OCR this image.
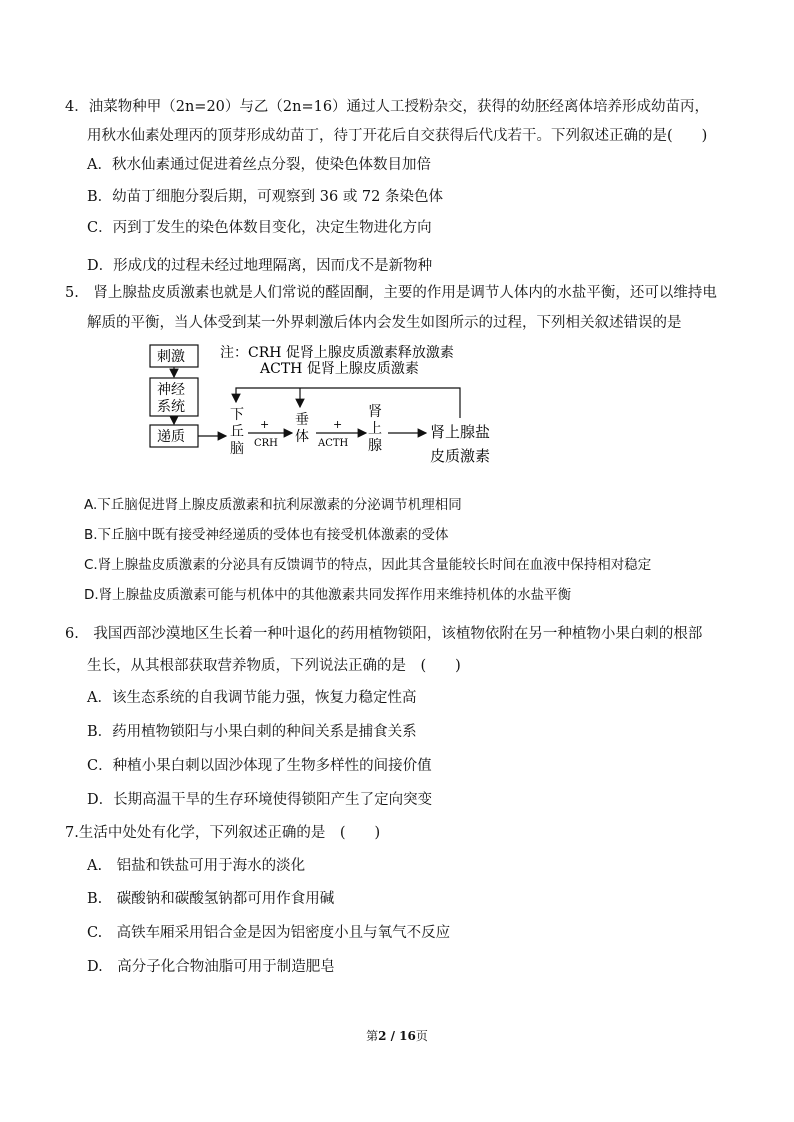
4．油菜物种甲（2n=20）与乙（2n=16）通过人工授粉杂交，获得的幼胚经离体培养形成幼苗丙，
用秋水仙素处理丙的顶芽形成幼苗丁，待丁开花后自交获得后代戊若干。下列叙述正确的是(　　)
A．秋水仙素通过促进着丝点分裂，使染色体数目加倍
B．幼苗丁细胞分裂后期，可观察到 36 或 72 条染色体
C．丙到丁发生的染色体数目变化，决定生物进化方向
D．形成戊的过程未经过地理隔离，因而戊不是新物种
5.　肾上腺盐皮质激素也就是人们常说的醛固酮，主要的作用是调节人体内的水盐平衡，还可以维持电
解质的平衡，当人体受到某一外界刺激后体内会发生如图所示的过程，下列相关叙述错误的是
注：CRH 促肾上腺皮质激素释放激素
ACTH 促肾上腺皮质激素
刺激
神经
系统
递质
下
丘
脑
+
CRH
垂
体
+
ACTH
肾
上
腺
肾上腺盐
皮质激素
A.下丘脑促进肾上腺皮质激素和抗利尿激素的分泌调节机理相同
B.下丘脑中既有接受神经递质的受体也有接受机体激素的受体
C.肾上腺盐皮质激素的分泌具有反馈调节的特点，因此其含量能较长时间在血液中保持相对稳定
D.肾上腺盐皮质激素可能与机体中的其他激素共同发挥作用来维持机体的水盐平衡
6.　我国西部沙漠地区生长着一种叶退化的药用植物锁阳，该植物依附在另一种植物小果白刺的根部
生长，从其根部获取营养物质，下列说法正确的是　(　　)
A．该生态系统的自我调节能力强，恢复力稳定性高
B．药用植物锁阳与小果白刺的种间关系是捕食关系
C．种植小果白刺以固沙体现了生物多样性的间接价值
D．长期高温干旱的生存环境使得锁阳产生了定向突变
7.生活中处处有化学，下列叙述正确的是　(　　)
A.　铝盐和铁盐可用于海水的淡化
B.　碳酸钠和碳酸氢钠都可用作食用碱
C.　高铁车厢采用铝合金是因为铝密度小且与氧气不反应
D.　高分子化合物油脂可用于制造肥皂
第2 / 16页
